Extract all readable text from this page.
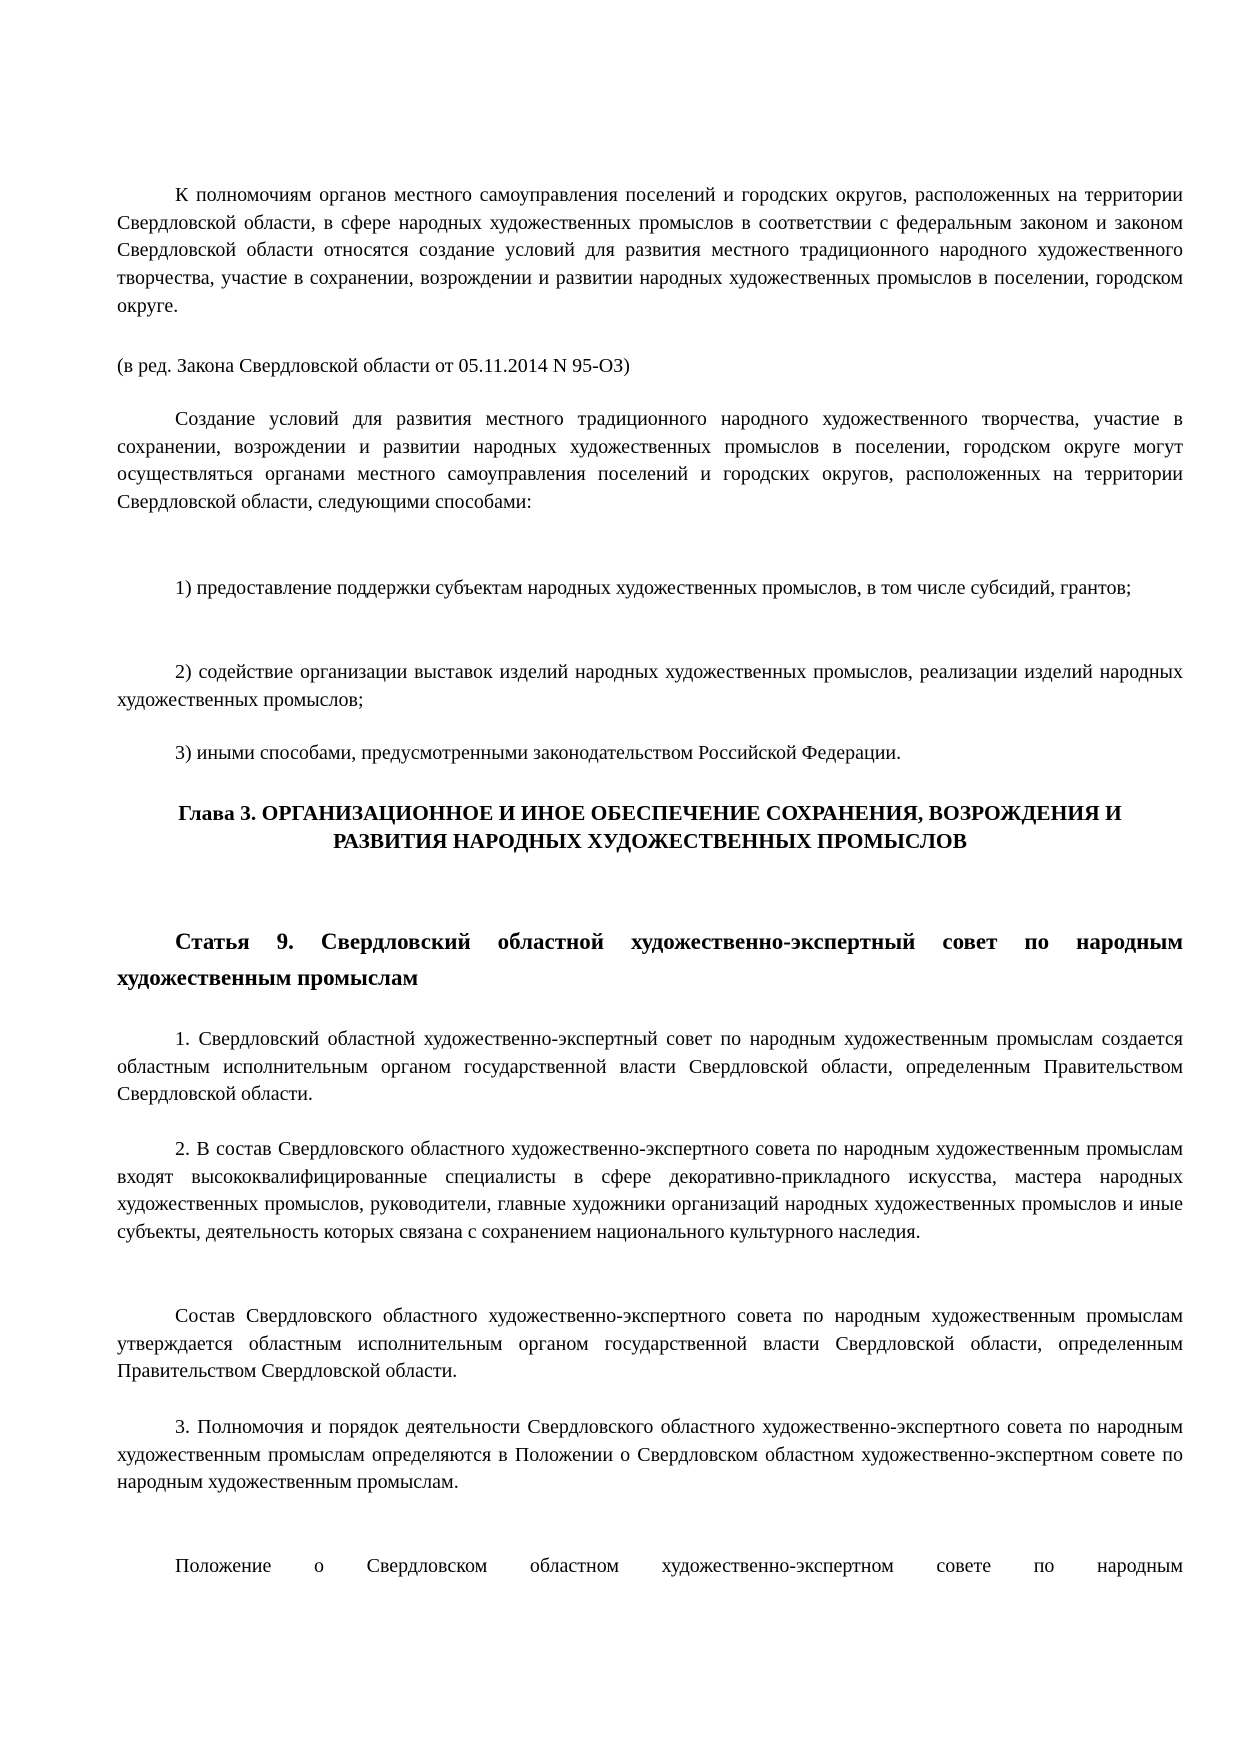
К полномочиям органов местного самоуправления поселений и городских округов, расположенных на территории Свердловской области, в сфере народных художественных промыслов в соответствии с федеральным законом и законом Свердловской области относятся создание условий для развития местного традиционного народного художественного творчества, участие в сохранении, возрождении и развитии народных художественных промыслов в поселении, городском округе.
(в ред. Закона Свердловской области от 05.11.2014 N 95-ОЗ)
Создание условий для развития местного традиционного народного художественного творчества, участие в сохранении, возрождении и развитии народных художественных промыслов в поселении, городском округе могут осуществляться органами местного самоуправления поселений и городских округов, расположенных на территории Свердловской области, следующими способами:
1) предоставление поддержки субъектам народных художественных промыслов, в том числе субсидий, грантов;
2) содействие организации выставок изделий народных художественных промыслов, реализации изделий народных художественных промыслов;
3) иными способами, предусмотренными законодательством Российской Федерации.
Глава 3. ОРГАНИЗАЦИОННОЕ И ИНОЕ ОБЕСПЕЧЕНИЕ СОХРАНЕНИЯ, ВОЗРОЖДЕНИЯ И РАЗВИТИЯ НАРОДНЫХ ХУДОЖЕСТВЕННЫХ ПРОМЫСЛОВ
Статья 9. Свердловский областной художественно-экспертный совет по народным художественным промыслам
1. Свердловский областной художественно-экспертный совет по народным художественным промыслам создается областным исполнительным органом государственной власти Свердловской области, определенным Правительством Свердловской области.
2. В состав Свердловского областного художественно-экспертного совета по народным художественным промыслам входят высококвалифицированные специалисты в сфере декоративно-прикладного искусства, мастера народных художественных промыслов, руководители, главные художники организаций народных художественных промыслов и иные субъекты, деятельность которых связана с сохранением национального культурного наследия.
Состав Свердловского областного художественно-экспертного совета по народным художественным промыслам утверждается областным исполнительным органом государственной власти Свердловской области, определенным Правительством Свердловской области.
3. Полномочия и порядок деятельности Свердловского областного художественно-экспертного совета по народным художественным промыслам определяются в Положении о Свердловском областном художественно-экспертном совете по народным художественным промыслам.
Положение о Свердловском областном художественно-экспертном совете по народным
